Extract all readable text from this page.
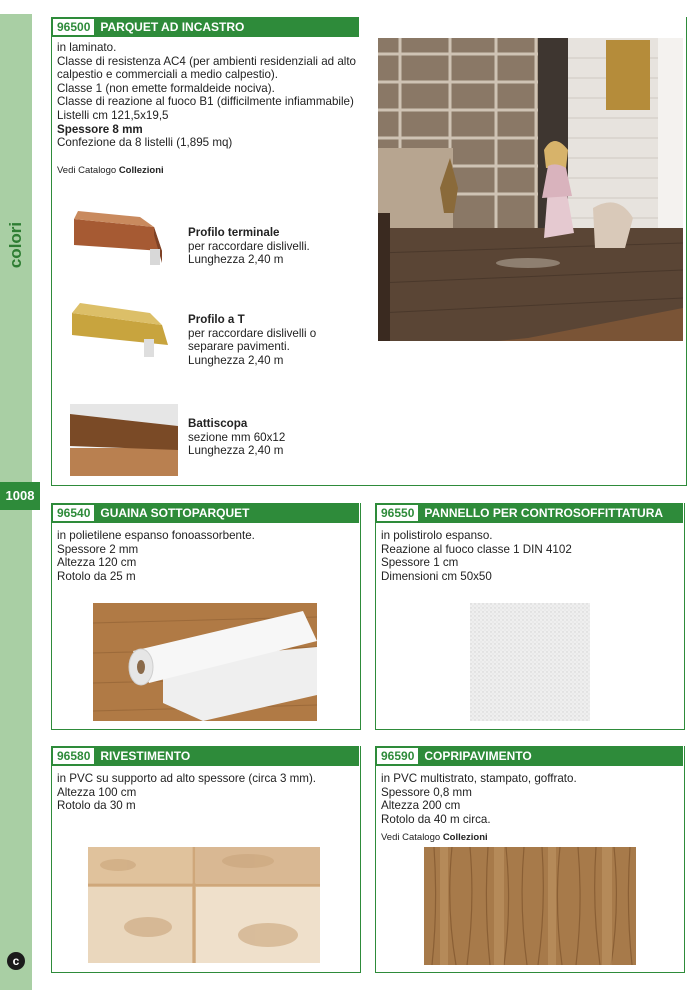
colori
1008
c
96500 PARQUET AD INCASTRO
in laminato.
Classe di resistenza AC4 (per ambienti residenziali ad alto
calpestio e commerciali a medio calpestio).
Classe 1 (non emette formaldeide nociva).
Classe di reazione al fuoco B1 (difficilmente infiammabile)
Listelli cm 121,5x19,5
Spessore 8 mm
Confezione da 8 listelli (1,895 mq)
Vedi Catalogo Collezioni
Profilo terminale
per raccordare dislivelli.
Lunghezza 2,40 m
Profilo a T
per raccordare dislivelli o
separare pavimenti.
Lunghezza 2,40 m
Battiscopa
sezione mm 60x12
Lunghezza 2,40 m
96540 GUAINA SOTTOPARQUET
in polietilene espanso fonoassorbente.
Spessore 2 mm
Altezza 120 cm
Rotolo da 25 m
96550 PANNELLO PER CONTROSOFFITTATURA
in polistirolo espanso.
Reazione al fuoco classe 1 DIN 4102
Spessore 1 cm
Dimensioni cm 50x50
96580 RIVESTIMENTO
in PVC su supporto ad alto spessore (circa 3 mm).
Altezza 100 cm
Rotolo da 30 m
96590 COPRIPAVIMENTO
in PVC multistrato, stampato, goffrato.
Spessore 0,8 mm
Altezza 200 cm
Rotolo da 40 m circa.
Vedi Catalogo Collezioni
